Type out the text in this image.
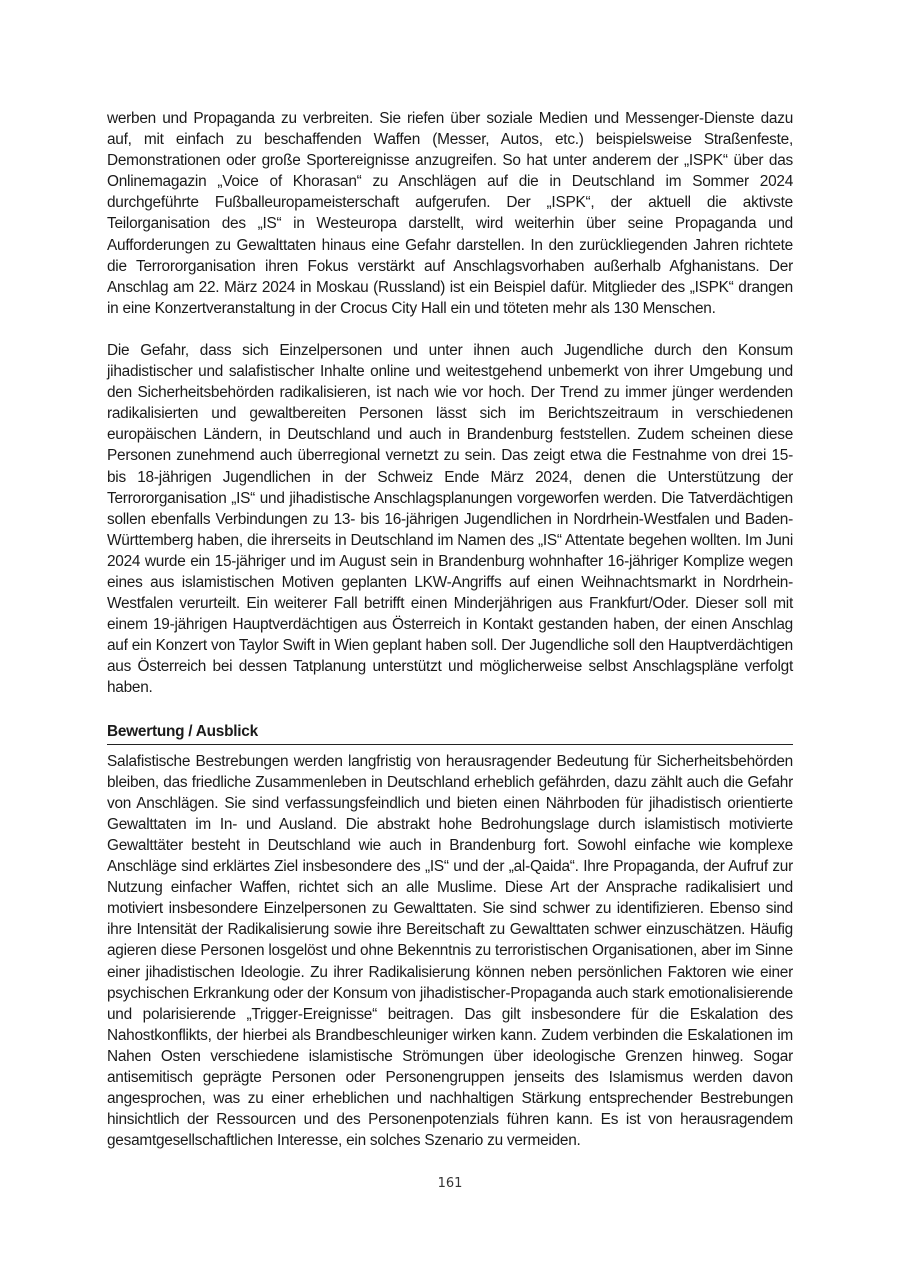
werben und Propaganda zu verbreiten. Sie riefen über soziale Medien und Messenger-Dienste dazu auf, mit einfach zu beschaffenden Waffen (Messer, Autos, etc.) beispielsweise Straßenfeste, Demonstrationen oder große Sportereignisse anzugreifen. So hat unter anderem der „ISPK“ über das Onlinemagazin „Voice of Khorasan“ zu Anschlägen auf die in Deutschland im Sommer 2024 durchgeführte Fußballeuropameisterschaft aufgerufen. Der „ISPK“, der aktuell die aktivste Teilorganisation des „IS“ in Westeuropa darstellt, wird weiterhin über seine Propaganda und Aufforderungen zu Gewalttaten hinaus eine Gefahr darstellen. In den zurückliegenden Jahren richtete die Terrororganisation ihren Fokus verstärkt auf Anschlagsvorhaben außerhalb Afghanistans. Der Anschlag am 22. März 2024 in Moskau (Russland) ist ein Beispiel dafür. Mitglieder des „ISPK“ drangen in eine Konzertveranstaltung in der Crocus City Hall ein und töteten mehr als 130 Menschen.

Die Gefahr, dass sich Einzelpersonen und unter ihnen auch Jugendliche durch den Konsum jihadistischer und salafistischer Inhalte online und weitestgehend unbemerkt von ihrer Umgebung und den Sicherheitsbehörden radikalisieren, ist nach wie vor hoch. Der Trend zu immer jünger werdenden radikalisierten und gewaltbereiten Personen lässt sich im Berichtszeitraum in verschiedenen europäischen Ländern, in Deutschland und auch in Brandenburg feststellen. Zudem scheinen diese Personen zunehmend auch überregional vernetzt zu sein. Das zeigt etwa die Festnahme von drei 15- bis 18-jährigen Jugendlichen in der Schweiz Ende März 2024, denen die Unterstützung der Terrororganisation „IS“ und jihadistische Anschlagsplanungen vorgeworfen werden. Die Tatverdächtigen sollen ebenfalls Verbindungen zu 13- bis 16-jährigen Jugendlichen in Nordrhein-Westfalen und Baden-Württemberg haben, die ihrerseits in Deutschland im Namen des „IS“ Attentate begehen wollten. Im Juni 2024 wurde ein 15-jähriger und im August sein in Brandenburg wohnhafter 16-jähriger Komplize wegen eines aus islamistischen Motiven geplanten LKW-Angriffs auf einen Weihnachtsmarkt in Nordrhein-Westfalen verurteilt. Ein weiterer Fall betrifft einen Minderjährigen aus Frankfurt/Oder. Dieser soll mit einem 19-jährigen Hauptverdächtigen aus Österreich in Kontakt gestanden haben, der einen Anschlag auf ein Konzert von Taylor Swift in Wien geplant haben soll. Der Jugendliche soll den Hauptverdächtigen aus Österreich bei dessen Tatplanung unterstützt und möglicherweise selbst Anschlagspläne verfolgt haben.

Bewertung / Ausblick

Salafistische Bestrebungen werden langfristig von herausragender Bedeutung für Sicherheitsbehörden bleiben, das friedliche Zusammenleben in Deutschland erheblich gefährden, dazu zählt auch die Gefahr von Anschlägen. Sie sind verfassungsfeindlich und bieten einen Nährboden für jihadistisch orientierte Gewalttaten im In- und Ausland. Die abstrakt hohe Bedrohungslage durch islamistisch motivierte Gewalttäter besteht in Deutschland wie auch in Brandenburg fort. Sowohl einfache wie komplexe Anschläge sind erklärtes Ziel insbesondere des „IS“ und der „al-Qaida“. Ihre Propaganda, der Aufruf zur Nutzung einfacher Waffen, richtet sich an alle Muslime. Diese Art der Ansprache radikalisiert und motiviert insbesondere Einzelpersonen zu Gewalttaten. Sie sind schwer zu identifizieren. Ebenso sind ihre Intensität der Radikalisierung sowie ihre Bereitschaft zu Gewalttaten schwer einzuschätzen. Häufig agieren diese Personen losgelöst und ohne Bekenntnis zu terroristischen Organisationen, aber im Sinne einer jihadistischen Ideologie. Zu ihrer Radikalisierung können neben persönlichen Faktoren wie einer psychischen Erkrankung oder der Konsum von jihadistischer-Propaganda auch stark emotionalisierende und polarisierende „Trigger-Ereignisse“ beitragen. Das gilt insbesondere für die Eskalation des Nahostkonflikts, der hierbei als Brandbeschleuniger wirken kann. Zudem verbinden die Eskalationen im Nahen Osten verschiedene islamistische Strömungen über ideologische Grenzen hinweg. Sogar antisemitisch geprägte Personen oder Personengruppen jenseits des Islamismus werden davon angesprochen, was zu einer erheblichen und nachhaltigen Stärkung entsprechender Bestrebungen hinsichtlich der Ressourcen und des Personenpotenzials führen kann. Es ist von herausragendem gesamtgesellschaftlichen Interesse, ein solches Szenario zu vermeiden.

161
